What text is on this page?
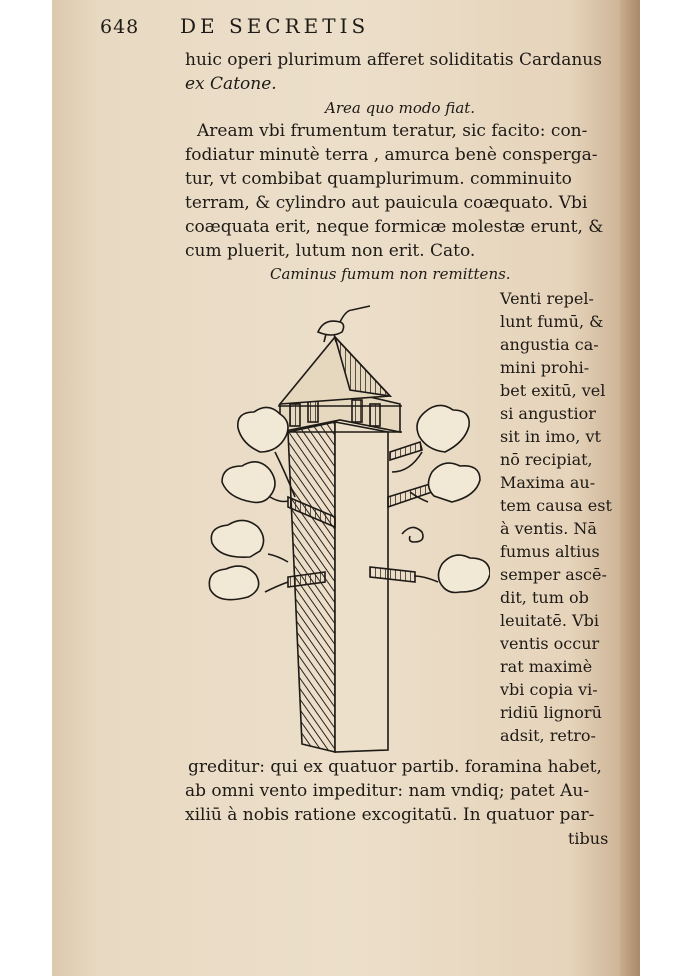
648 DE SECRETIS
huic operi plurimum afferet soliditatis Cardanus
ex Catone.
Area quo modo fiat.
Aream vbi frumentum teratur, sic facito: con-
fodiatur minutè terra , amurca benè consperga-
tur, vt combibat quamplurimum. comminuito
terram, & cylindro aut pauicula coæquato. Vbi
coæquata erit, neque formicæ molestæ erunt, &
cum pluerit, lutum non erit. Cato.
Caminus fumum non remittens.
Venti repel-
lunt fumū, &
angustia ca-
mini prohi-
bet exitū, vel
si angustior
sit in imo, vt
nō recipiat,
Maxima au-
tem causa est
à ventis. Nā
fumus altius
semper ascē-
dit, tum ob
leuitatē. Vbi
ventis occur
rat maximè
vbi copia vi-
ridiū lignorū
adsit, retro-
greditur: qui ex quatuor partib. foramina habet,
ab omni vento impeditur: nam vndiq; patet Au-
xiliū à nobis ratione excogitatū. In quatuor par-
tibus
